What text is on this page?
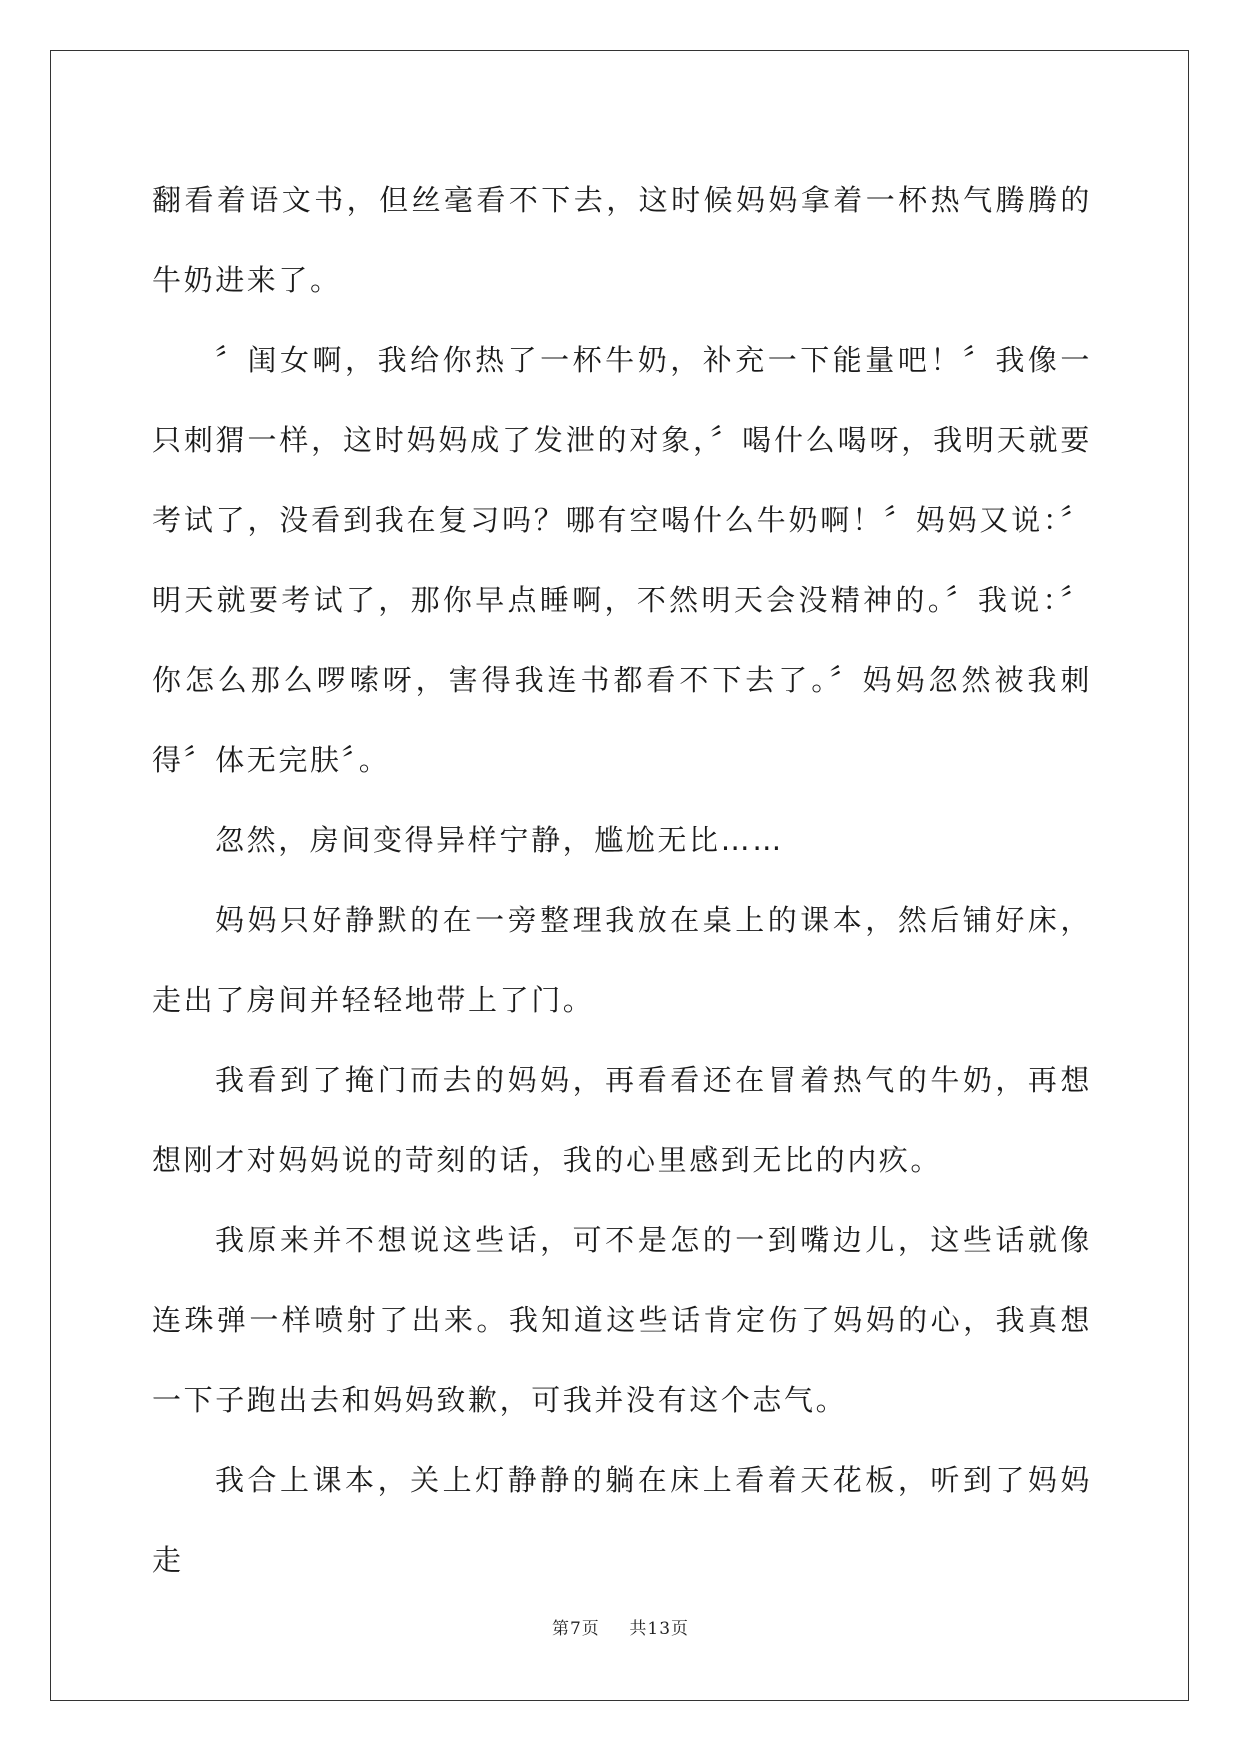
翻看着语文书，但丝毫看不下去，这时候妈妈拿着一杯热气腾腾的牛奶进来了。

〞闺女啊，我给你热了一杯牛奶，补充一下能量吧！〞我像一只刺猬一样，这时妈妈成了发泄的对象，〞喝什么喝呀，我明天就要考试了，没看到我在复习吗？哪有空喝什么牛奶啊！〞妈妈又说：〞明天就要考试了，那你早点睡啊，不然明天会没精神的。〞我说：〞你怎么那么啰嗦呀，害得我连书都看不下去了。〞妈妈忽然被我刺得〞体无完肤〞。

忽然，房间变得异样宁静，尴尬无比……

妈妈只好静默的在一旁整理我放在桌上的课本，然后铺好床，走出了房间并轻轻地带上了门。

我看到了掩门而去的妈妈，再看看还在冒着热气的牛奶，再想想刚才对妈妈说的苛刻的话，我的心里感到无比的内疚。

我原来并不想说这些话，可不是怎的一到嘴边儿，这些话就像连珠弹一样喷射了出来。我知道这些话肯定伤了妈妈的心，我真想一下子跑出去和妈妈致歉，可我并没有这个志气。

我合上课本，关上灯静静的躺在床上看着天花板，听到了妈妈走

第7页 共13页
